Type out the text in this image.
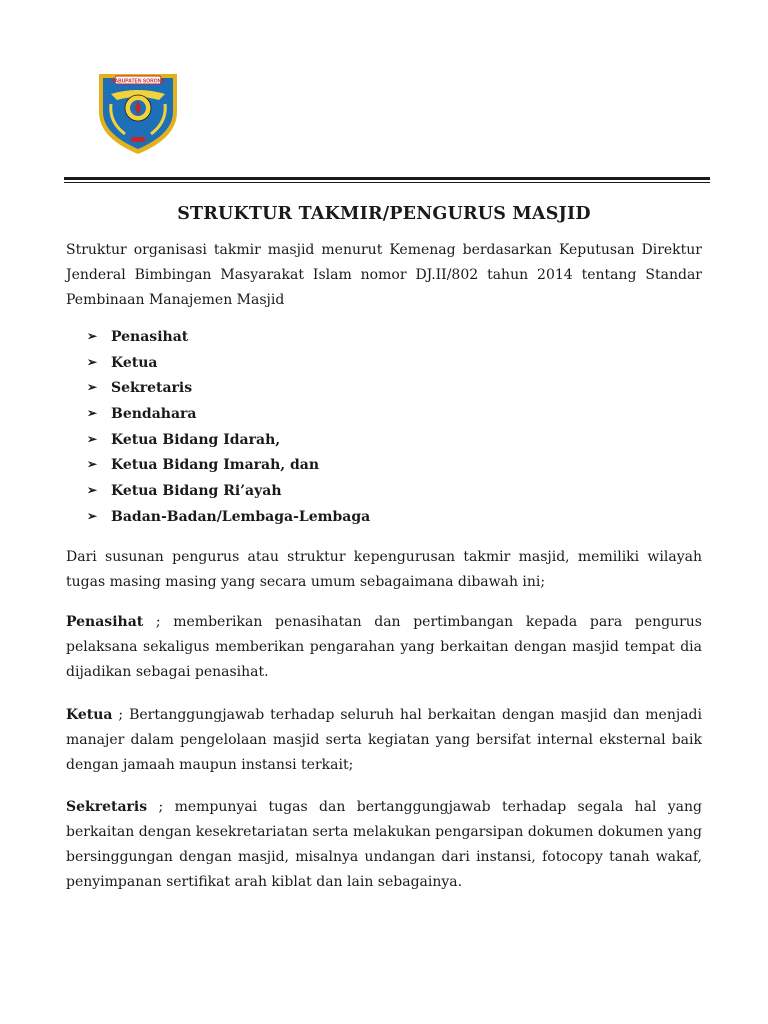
KABUPATEN SORONG
STRUKTUR TAKMIR/PENGURUS MASJID

Struktur organisasi takmir masjid menurut Kemenag berdasarkan Keputusan Direktur Jenderal Bimbingan Masyarakat Islam nomor DJ.II/802 tahun 2014 tentang Standar Pembinaan Manajemen Masjid

➢ Penasihat
➢ Ketua
➢ Sekretaris
➢ Bendahara
➢ Ketua Bidang Idarah,
➢ Ketua Bidang Imarah, dan
➢ Ketua Bidang Ri’ayah
➢ Badan-Badan/Lembaga-Lembaga

Dari susunan pengurus atau struktur kepengurusan takmir masjid, memiliki wilayah tugas masing masing yang secara umum sebagaimana dibawah ini;

Penasihat ; memberikan penasihatan dan pertimbangan kepada para pengurus pelaksana sekaligus memberikan pengarahan yang berkaitan dengan masjid tempat dia dijadikan sebagai penasihat.

Ketua ; Bertanggungjawab terhadap seluruh hal berkaitan dengan masjid dan menjadi manajer dalam pengelolaan masjid serta kegiatan yang bersifat internal eksternal baik dengan jamaah maupun instansi terkait;

Sekretaris ; mempunyai tugas dan bertanggungjawab terhadap segala hal yang berkaitan dengan kesekretariatan serta melakukan pengarsipan dokumen dokumen yang bersinggungan dengan masjid, misalnya undangan dari instansi, fotocopy tanah wakaf, penyimpanan sertifikat arah kiblat dan lain sebagainya.
